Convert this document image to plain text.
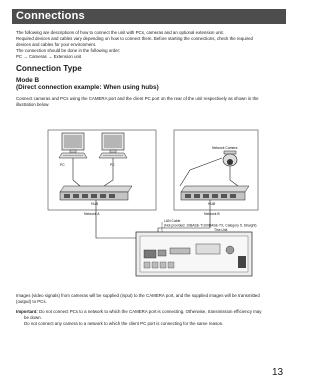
Connections
The following are descriptions of how to connect the unit with PCs, cameras and an optional extension unit.
Required devices and cables vary depending on how to connect them. Before starting the connections, check the required
devices and cables for your environment.
The connection should be done in the following order:
PC → Cameras → Extension unit
Connection Type
Mode B
(Direct connection example: When using hubs)
Connect cameras and PCs using the CAMERA port and the client PC port on the rear of the unit respectively as shown in the
illustration below.
PC	PC
HUB
Network A
Network Camera
HUB
Network B
LAN Cable
(Not provided: 10BASE-T/100BASE-TX, Category 5, Straight)
This Unit
Images (video signals) from cameras will be supplied (input) to the CAMERA port, and the supplied images will be transmitted
(output) to PCs.
Important: Do not connect PCs to a network to which the CAMERA port is connecting. Otherwise, transmission efficiency may
be down.
Do not connect any camera to a network to which the client PC port is connecting for the same reason.
13
